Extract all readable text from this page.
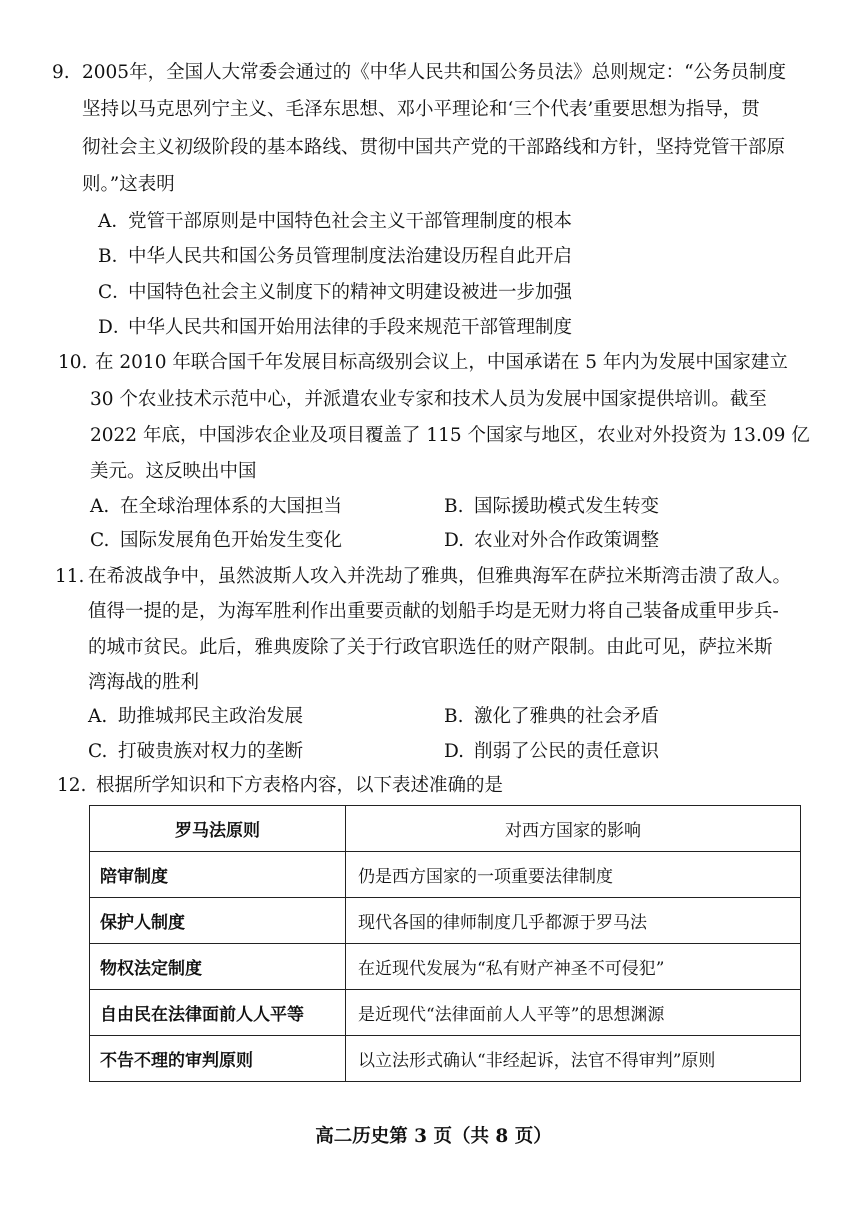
9. 2005年，全国人大常委会通过的《中华人民共和国公务员法》总则规定：“公务员制度
坚持以马克思列宁主义、毛泽东思想、邓小平理论和‘三个代表’重要思想为指导，贯
彻社会主义初级阶段的基本路线、贯彻中国共产党的干部路线和方针，坚持党管干部原
则。”这表明
A．党管干部原则是中国特色社会主义干部管理制度的根本
B．中华人民共和国公务员管理制度法治建设历程自此开启
C．中国特色社会主义制度下的精神文明建设被进一步加强
D．中华人民共和国开始用法律的手段来规范干部管理制度
10. 在 2010 年联合国千年发展目标高级别会议上，中国承诺在 5 年内为发展中国家建立
30 个农业技术示范中心，并派遣农业专家和技术人员为发展中国家提供培训。截至
2022 年底，中国涉农企业及项目覆盖了 115 个国家与地区，农业对外投资为 13.09 亿
美元。这反映出中国
A. 在全球治理体系的大国担当	B. 国际援助模式发生转变
C. 国际发展角色开始发生变化	D. 农业对外合作政策调整
11. 在希波战争中，虽然波斯人攻入并洗劫了雅典，但雅典海军在萨拉米斯湾击溃了敌人。
值得一提的是，为海军胜利作出重要贡献的划船手均是无财力将自己装备成重甲步兵-
的城市贫民。此后，雅典废除了关于行政官职选任的财产限制。由此可见，萨拉米斯
湾海战的胜利
A. 助推城邦民主政治发展	B. 激化了雅典的社会矛盾
C. 打破贵族对权力的垄断	D. 削弱了公民的责任意识
12. 根据所学知识和下方表格内容，以下表述准确的是
罗马法原则	对西方国家的影响
陪审制度	仍是西方国家的一项重要法律制度
保护人制度	现代各国的律师制度几乎都源于罗马法
物权法定制度	在近现代发展为“私有财产神圣不可侵犯”
自由民在法律面前人人平等	是近现代“法律面前人人平等”的思想渊源
不告不理的审判原则	以立法形式确认“非经起诉，法官不得审判”原则
高二历史第 3 页（共 8 页）
